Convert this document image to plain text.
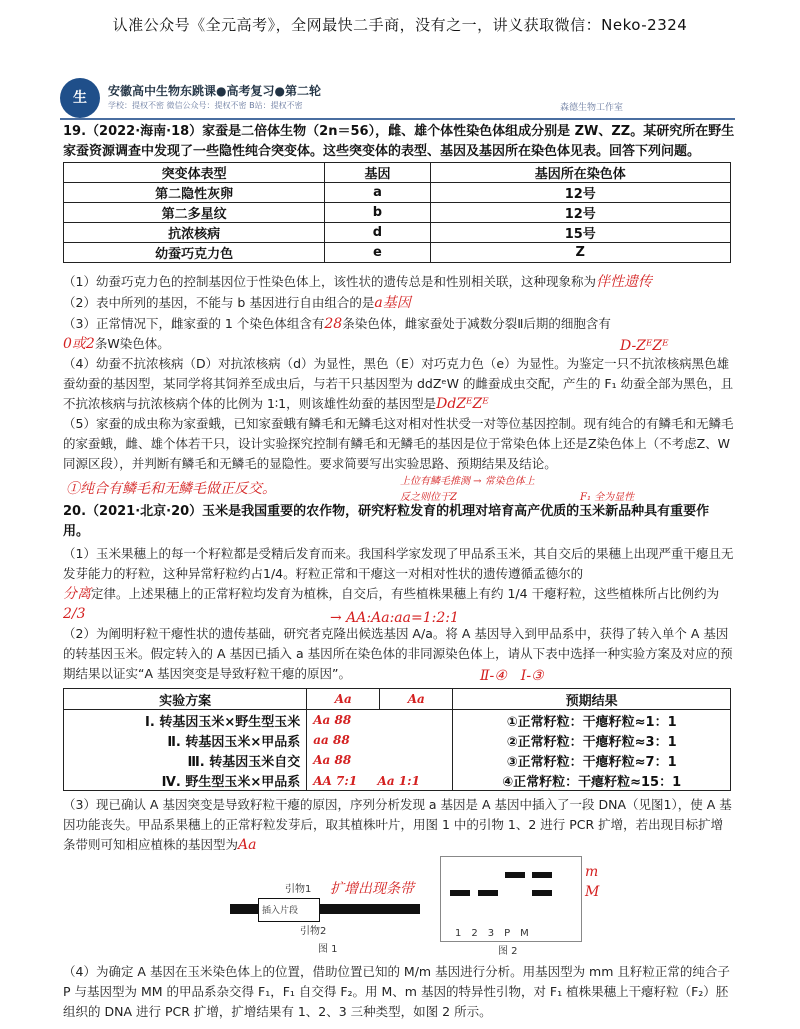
认准公众号《全元高考》，全网最快二手商，没有之一，讲义获取微信：Neko-2324
生	安徽高中生物东跳课●高考复习●第二轮
学校：提权不密 微信公众号：提权不密 B站：提权不密	森德生物工作室
19.（2022·海南·18）家蚕是二倍体生物（2n＝56），雌、雄个体性染色体组成分别是 ZW、ZZ。某研究所在野生家蚕资源调查中发现了一些隐性纯合突变体。这些突变体的表型、基因及基因所在染色体见表。回答下列问题。
突变体表型	基因	基因所在染色体
第二隐性灰卵	a	12号
第二多星纹	b	12号
抗浓核病	d	15号
幼蚕巧克力色	e	Z
（1）幼蚕巧克力色的控制基因位于性染色体上，该性状的遗传总是和性别相关联，这种现象称为伴性遗传
（2）表中所列的基因，不能与 b 基因进行自由组合的是a基因
（3）正常情况下，雌家蚕的 1 个染色体组含有28条染色体，雌家蚕处于减数分裂Ⅱ后期的细胞含有
0或2条W染色体。	D-ZᴱZᴱ
（4）幼蚕不抗浓核病（D）对抗浓核病（d）为显性，黑色（E）对巧克力色（e）为显性。为鉴定一只不抗浓核病黑色雄蚕幼蚕的基因型，某同学将其饲养至成虫后，与若干只基因型为 ddZᵉW 的雌蚕成虫交配，产生的 F₁ 幼蚕全部为黑色，且不抗浓核病与抗浓核病个体的比例为 1∶1，则该雄性幼蚕的基因型是DdZᴱZᴱ
（5）家蚕的成虫称为家蚕蛾，已知家蚕蛾有鳞毛和无鳞毛这对相对性状受一对等位基因控制。现有纯合的有鳞毛和无鳞毛的家蚕蛾，雌、雄个体若干只，设计实验探究控制有鳞毛和无鳞毛的基因是位于常染色体上还是Z染色体上（不考虑Z、W同源区段），并判断有鳞毛和无鳞毛的显隐性。要求简要写出实验思路、预期结果及结论。
①纯合有鳞毛和无鳞毛做正反交。	上位有鳞毛推测 → 常染色体上
反之则位于Z	F₁ 全为显性
20.（2021·北京·20）玉米是我国重要的农作物，研究籽粒发育的机理对培育高产优质的玉米新品种具有重要作用。
（1）玉米果穗上的每一个籽粒都是受精后发育而来。我国科学家发现了甲品系玉米，其自交后的果穗上出现严重干瘪且无发芽能力的籽粒，这种异常籽粒约占1/4。籽粒正常和干瘪这一对相对性状的遗传遵循孟德尔的
分离定律。上述果穗上的正常籽粒均发育为植株，自交后，有些植株果穗上有约 1/4 干瘪籽粒，这些植株所占比例约为2/3	→ AA:Aa:aa=1:2:1
（2）为阐明籽粒干瘪性状的遗传基础，研究者克隆出候选基因 A/a。将 A 基因导入到甲品系中，获得了转入单个 A 基因的转基因玉米。假定转入的 A 基因已插入 a 基因所在染色体的非同源染色体上，请从下表中选择一种实验方案及对应的预期结果以证实“A 基因突变是导致籽粒干瘪的原因”。	Ⅱ-④　Ⅰ-③
实验方案	Aa	Aa	预期结果
Ⅰ. 转基因玉米×野生型玉米	Aa 88		①正常籽粒：干瘪籽粒≈1：1
Ⅱ. 转基因玉米×甲品系	aa 88		②正常籽粒：干瘪籽粒≈3：1
Ⅲ. 转基因玉米自交	Aa 88		③正常籽粒：干瘪籽粒≈7：1
Ⅳ. 野生型玉米×甲品系	AA 7:1 　 Aa 1:1		④正常籽粒：干瘪籽粒≈15：1
（3）现已确认 A 基因突变是导致籽粒干瘪的原因，序列分析发现 a 基因是 A 基因中插入了一段 DNA（见图1），使 A 基因功能丧失。甲品系果穗上的正常籽粒发芽后，取其植株叶片，用图 1 中的引物 1、2 进行 PCR 扩增，若出现目标扩增条带则可知相应植株的基因型为Aa
插入片段
引物1
引物2
图 1
扩增出现条带
1　2　3　P　M
图 2
m
M
（4）为确定 A 基因在玉米染色体上的位置，借助位置已知的 M/m 基因进行分析。用基因型为 mm 且籽粒正常的纯合子 P 与基因型为 MM 的甲品系杂交得 F₁，F₁ 自交得 F₂。用 M、m 基因的特异性引物，对 F₁ 植株果穗上干瘪籽粒（F₂）胚组织的 DNA 进行 PCR 扩增，扩增结果有 1、2、3 三种类型，如图 2 所示。
